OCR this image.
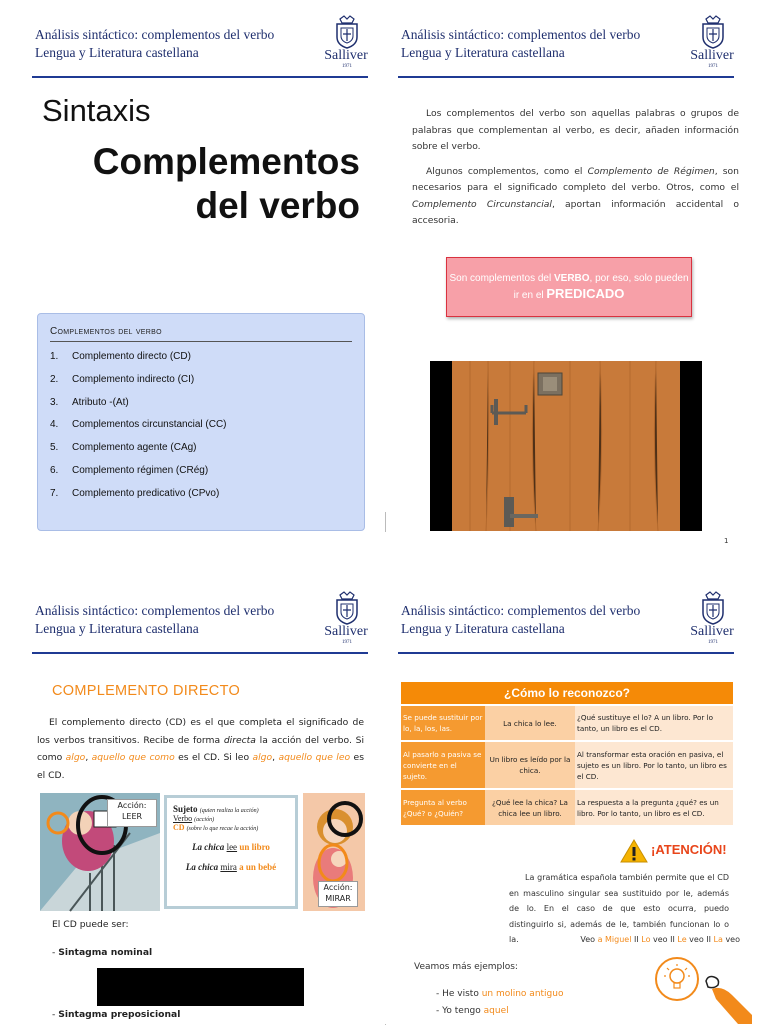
Análisis sintáctico: complementos del verbo
Lengua y Literatura castellana	Salliver
1971
Sintaxis
Complementos
del verbo
Complementos del verbo
1.	Complemento directo (CD)
2.	Complemento indirecto (CI)
3.	Atributo -(At)
4.	Complementos circunstancial (CC)
5.	Complemento agente (CAg)
6.	Complemento régimen (CRég)
7.	Complemento predicativo (CPvo)
Análisis sintáctico: complementos del verbo
Lengua y Literatura castellana	Salliver
1971

Los complementos del verbo son aquellas palabras o grupos de palabras que complementan al verbo, es decir, añaden información sobre el verbo.

Algunos complementos, como el Complemento de Régimen, son necesarios para el significado completo del verbo. Otros, como el Complemento Circunstancial, aportan información accidental o accesoria.

Son complementos del VERBO, por eso, solo pueden ir en el PREDICADO
1
Análisis sintáctico: complementos del verbo
Lengua y Literatura castellana	Salliver
1971
COMPLEMENTO DIRECTO

El complemento directo (CD) es el que completa el significado de los verbos transitivos. Recibe de forma directa la acción del verbo. Si como algo, aquello que como es el CD. Si leo algo, aquello que leo es el CD.

Acción:
LEER
Sujeto (quien realiza la acción)
Verbo (acción)
CD (sobre lo que recae la acción)
La chica lee un libro
La chica mira a un bebé
Acción:
MIRAR
El CD puede ser:
- Sintagma nominal
- Sintagma preposicional
Análisis sintáctico: complementos del verbo
Lengua y Literatura castellana	Salliver
1971
¿Cómo lo reconozco?		
Se puede sustituir por lo, la, los, las.	La chica lo lee.	¿Qué sustituye el lo? A un libro. Por lo tanto, un libro es el CD.
Al pasarlo a pasiva se convierte en el sujeto.	Un libro es leído por la chica.	Al transformar esta oración en pasiva, el sujeto es un libro. Por lo tanto, un libro es el CD.
Pregunta al verbo ¿Qué? o ¿Quién?	¿Qué lee la chica? La chica lee un libro.	La respuesta a la pregunta ¿qué? es un libro. Por lo tanto, un libro es el CD.
¡ATENCIÓN!

La gramática española también permite que el CD en masculino singular sea sustituido por le, además de lo. En el caso de que esto ocurra, puedo distinguirlo si, además de le, también funcionan lo o la.	Veo a Miguel II Lo veo II Le veo II La veo
Veamos más ejemplos:
- He visto un molino antiguo
- Yo tengo aquel
